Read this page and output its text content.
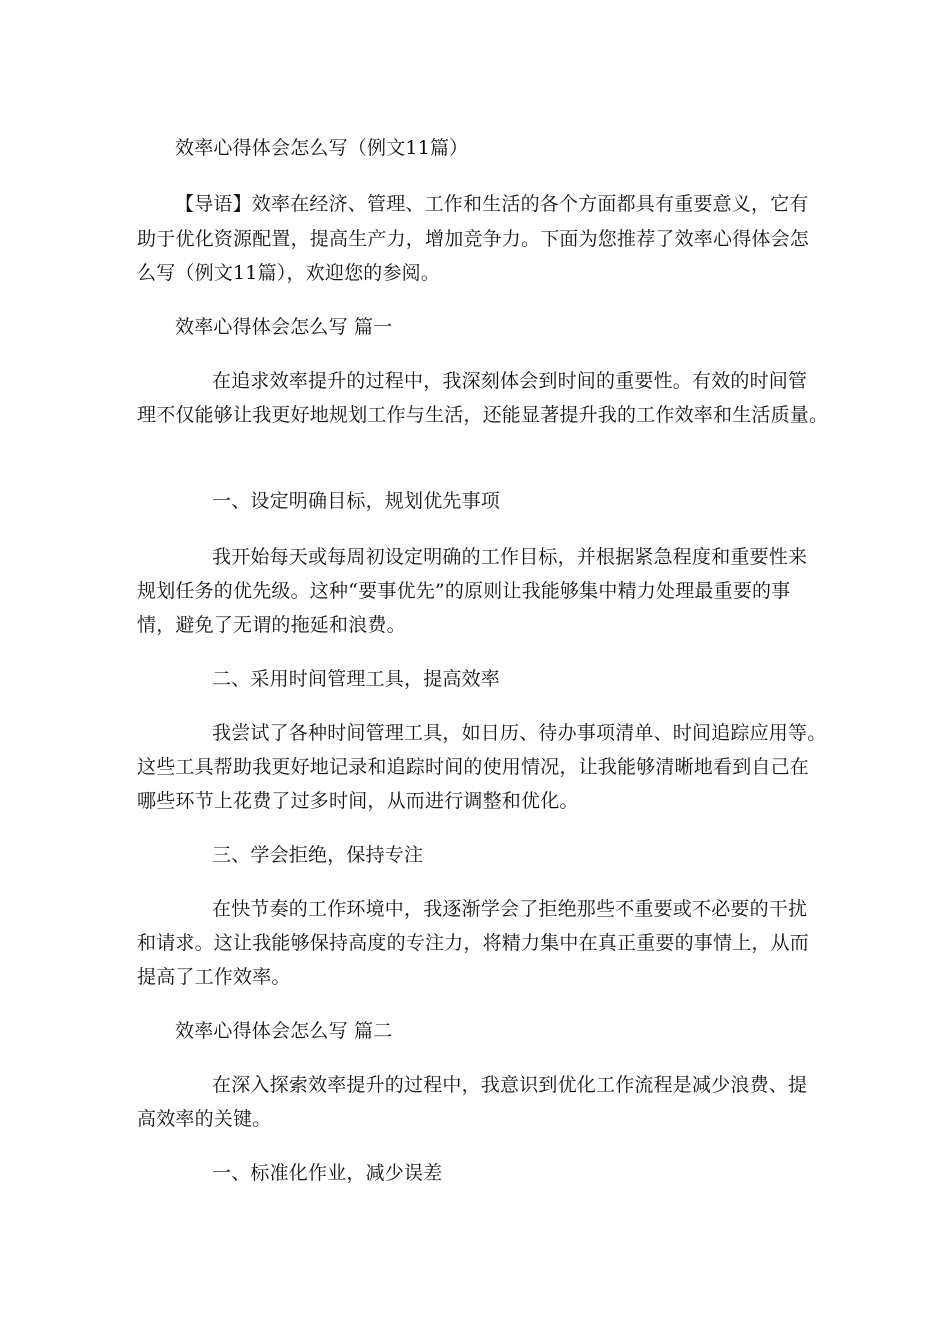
效率心得体会怎么写（例文11篇）

【导语】效率在经济、管理、工作和生活的各个方面都具有重要意义，它有

助于优化资源配置，提高生产力，增加竞争力。下面为您推荐了效率心得体会怎

么写（例文11篇），欢迎您的参阅。

效率心得体会怎么写 篇一

在追求效率提升的过程中，我深刻体会到时间的重要性。有效的时间管

理不仅能够让我更好地规划工作与生活，还能显著提升我的工作效率和生活质量。

一、设定明确目标，规划优先事项

我开始每天或每周初设定明确的工作目标，并根据紧急程度和重要性来

规划任务的优先级。这种“要事优先”的原则让我能够集中精力处理最重要的事

情，避免了无谓的拖延和浪费。

二、采用时间管理工具，提高效率

我尝试了各种时间管理工具，如日历、待办事项清单、时间追踪应用等。

这些工具帮助我更好地记录和追踪时间的使用情况，让我能够清晰地看到自己在

哪些环节上花费了过多时间，从而进行调整和优化。

三、学会拒绝，保持专注

在快节奏的工作环境中，我逐渐学会了拒绝那些不重要或不必要的干扰

和请求。这让我能够保持高度的专注力，将精力集中在真正重要的事情上，从而

提高了工作效率。

效率心得体会怎么写 篇二

在深入探索效率提升的过程中，我意识到优化工作流程是减少浪费、提

高效率的关键。

一、标准化作业，减少误差
